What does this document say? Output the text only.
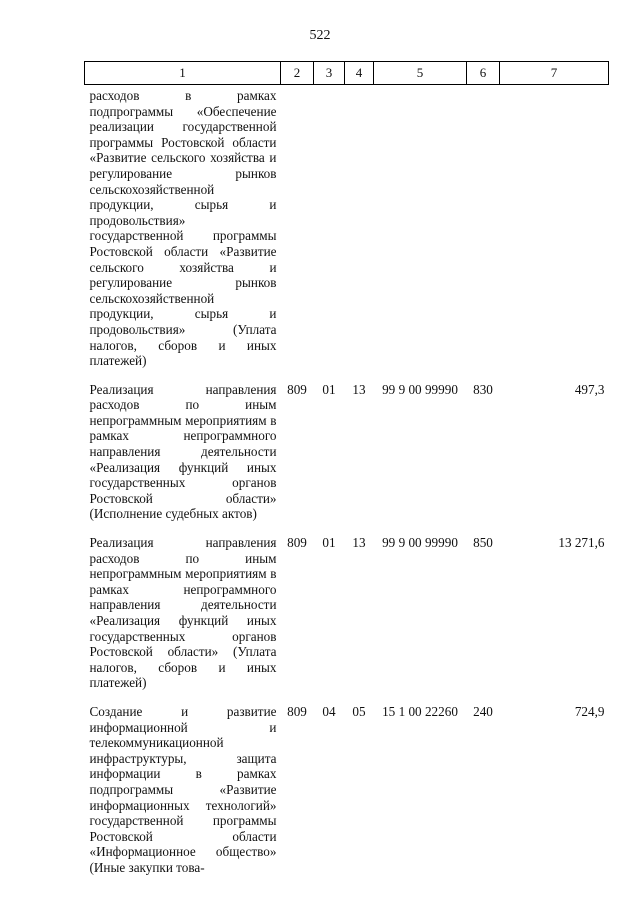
522
1	2	3	4	5	6	7
расходов в рамках подпрограммы «Обеспечение реализации государственной программы Ростовской области «Развитие сельского хозяйства и регулирование рынков сельскохозяйственной продукции, сырья и продовольствия» государственной программы Ростовской области «Развитие сельского хозяйства и регулирование рынков сельскохозяйственной продукции, сырья и продовольствия» (Уплата налогов, сборов и иных платежей)						
Реализация направления расходов по иным непрограммным мероприятиям в рамках непрограммного направления деятельности «Реализация функций иных государственных органов Ростовской области» (Исполнение судебных актов)	809	01	13	99 9 00 99990	830	497,3
Реализация направления расходов по иным непрограммным мероприятиям в рамках непрограммного направления деятельности «Реализация функций иных государственных органов Ростовской области» (Уплата налогов, сборов и иных платежей)	809	01	13	99 9 00 99990	850	13 271,6
Создание и развитие информационной и телекоммуникационной инфраструктуры, защита информации в рамках подпрограммы «Развитие информационных технологий» государственной программы Ростовской области «Информационное общество» (Иные закупки това-	809	04	05	15 1 00 22260	240	724,9
